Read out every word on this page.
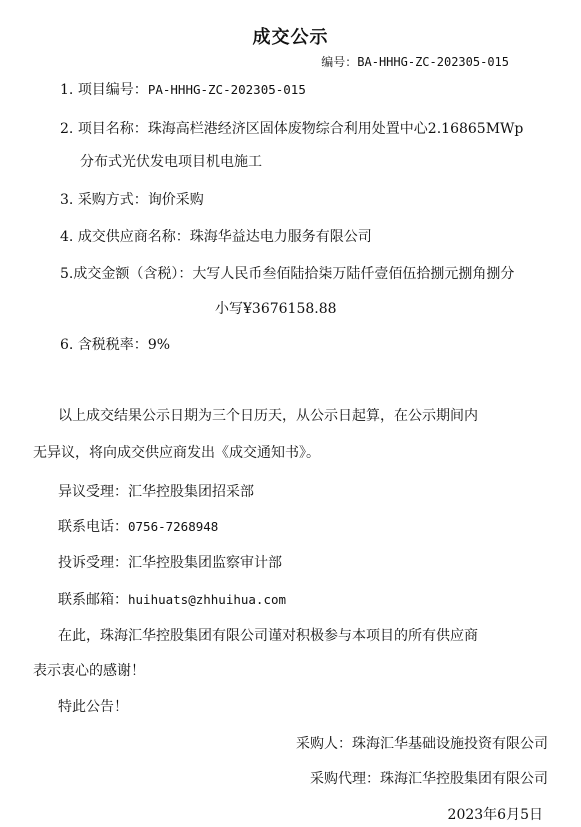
成交公示
编号：BA-HHHG-ZC-202305-015
1. 项目编号：PA-HHHG-ZC-202305-015
2. 项目名称：珠海高栏港经济区固体废物综合利用处置中心2.16865MWp
分布式光伏发电项目机电施工
3. 采购方式：询价采购
4. 成交供应商名称：珠海华益达电力服务有限公司
5.成交金额（含税）：大写人民币叁佰陆拾柒万陆仟壹佰伍拾捌元捌角捌分
小写¥3676158.88
6. 含税税率：9%
以上成交结果公示日期为三个日历天，从公示日起算，在公示期间内
无异议，将向成交供应商发出《成交通知书》。
异议受理：汇华控股集团招采部
联系电话：0756-7268948
投诉受理：汇华控股集团监察审计部
联系邮箱：huihuats@zhhuihua.com
在此，珠海汇华控股集团有限公司谨对积极参与本项目的所有供应商
表示衷心的感谢！
特此公告！
采购人：珠海汇华基础设施投资有限公司
采购代理：珠海汇华控股集团有限公司
2023年6月5日
